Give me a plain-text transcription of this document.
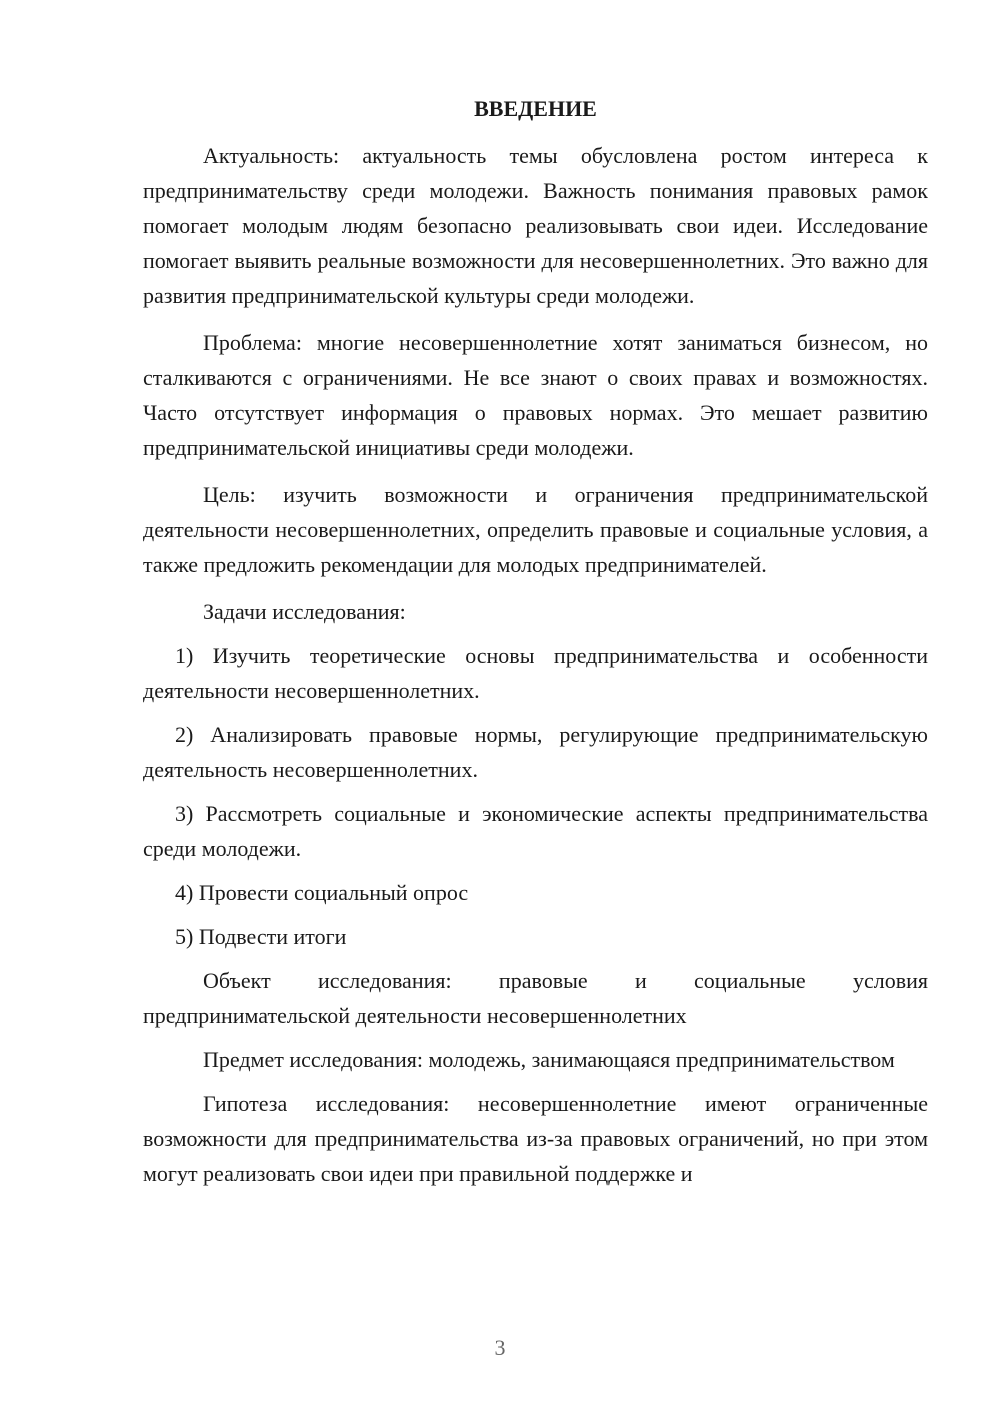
ВВЕДЕНИЕ

Актуальность: актуальность темы обусловлена ростом интереса к предпринимательству среди молодежи. Важность понимания правовых рамок помогает молодым людям безопасно реализовывать свои идеи. Исследование помогает выявить реальные возможности для несовершеннолетних. Это важно для развития предпринимательской культуры среди молодежи.

Проблема: многие несовершеннолетние хотят заниматься бизнесом, но сталкиваются с ограничениями. Не все знают о своих правах и возможностях. Часто отсутствует информация о правовых нормах. Это мешает развитию предпринимательской инициативы среди молодежи.

Цель: изучить возможности и ограничения предпринимательской деятельности несовершеннолетних, определить правовые и социальные условия, а также предложить рекомендации для молодых предпринимателей.

Задачи исследования:

1) Изучить теоретические основы предпринимательства и особенности деятельности несовершеннолетних.

2) Анализировать правовые нормы, регулирующие предпринимательскую деятельность несовершеннолетних.

3) Рассмотреть социальные и экономические аспекты предпринимательства среди молодежи.

4) Провести социальный опрос

5) Подвести итоги

Объект исследования: правовые и социальные условия предпринимательской деятельности несовершеннолетних

Предмет исследования: молодежь, занимающаяся предпринимательством

Гипотеза исследования: несовершеннолетние имеют ограниченные возможности для предпринимательства из-за правовых ограничений, но при этом могут реализовать свои идеи при правильной поддержке и

3
